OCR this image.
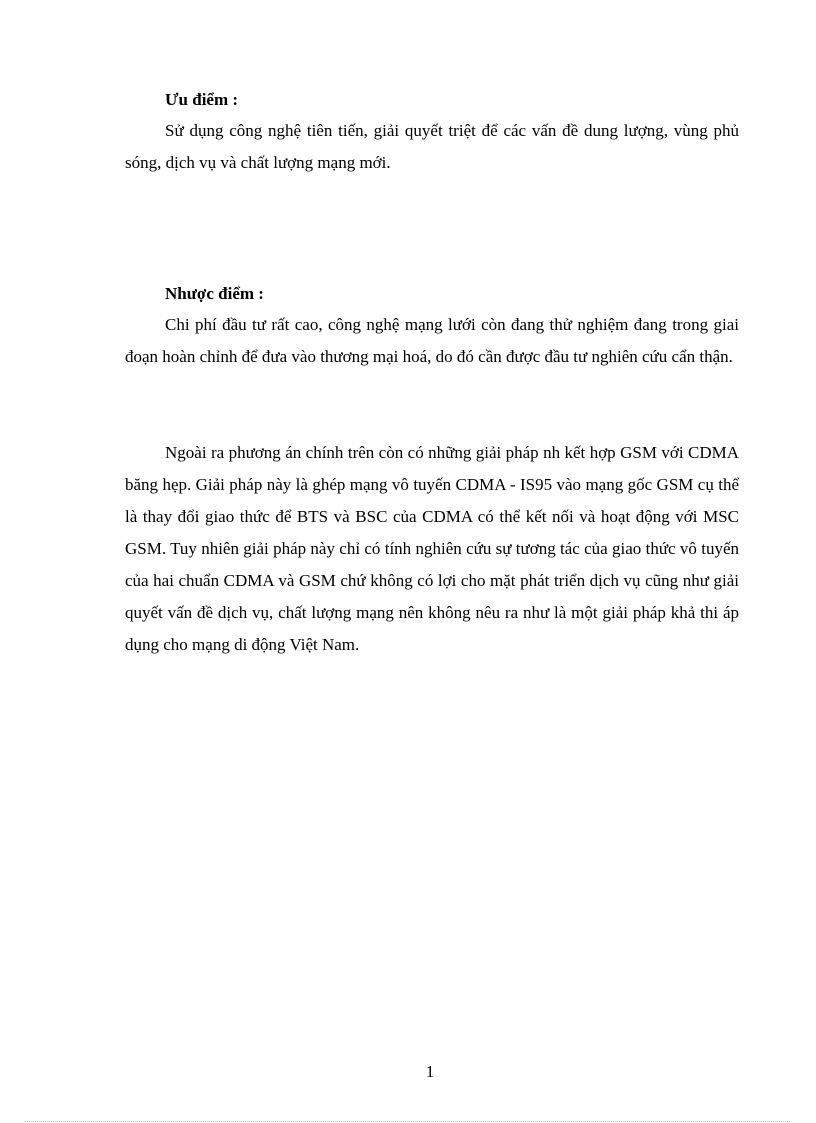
Ưu điểm :

Sử dụng công nghệ tiên tiến, giải quyết triệt để các vấn đề dung lượng, vùng phủ sóng, dịch vụ và chất lượng mạng mới.

Nhược điểm :

Chi phí đầu tư rất cao, công nghệ mạng lưới còn đang thử nghiệm đang trong giai đoạn hoàn chỉnh để đưa vào thương mại hoá, do đó cần được đầu tư nghiên cứu cẩn thận.

Ngoài ra phương án chính trên còn có những giải pháp nh kết hợp GSM với CDMA băng hẹp. Giải pháp này là ghép mạng vô tuyến CDMA - IS95 vào mạng gốc GSM cụ thể là thay đổi giao thức để BTS và BSC của CDMA có thể kết nối và hoạt động với MSC GSM. Tuy nhiên giải pháp này chỉ có tính nghiên cứu sự tương tác của giao thức vô tuyến của hai chuẩn CDMA và GSM chứ không có lợi cho mặt phát triển dịch vụ cũng như giải quyết vấn đề dịch vụ, chất lượng mạng nên không nêu ra như là một giải pháp khả thi áp dụng cho mạng di động Việt Nam.

1
